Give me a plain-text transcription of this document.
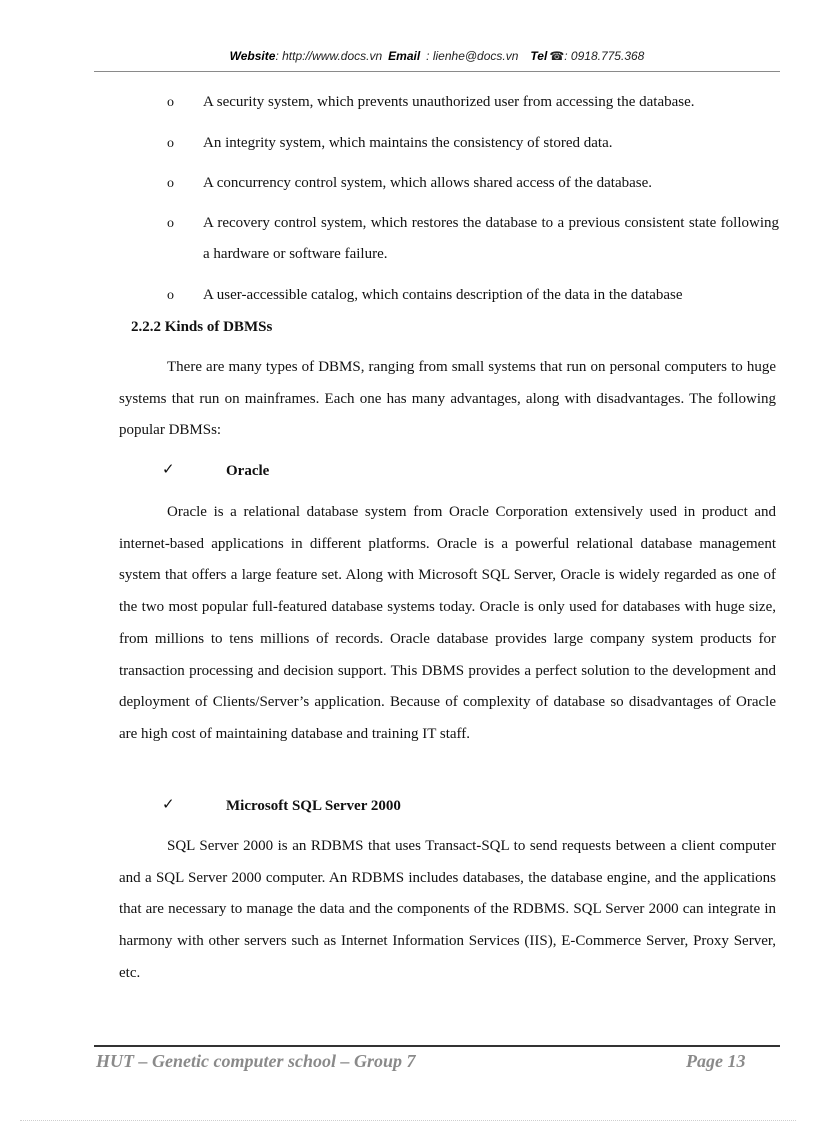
Website: http://www.docs.vn Email : lienhe@docs.vn Tel ☎: 0918.775.368
o A security system, which prevents unauthorized user from accessing the database.
o An integrity system, which maintains the consistency of stored data.
o A concurrency control system, which allows shared access of the database.
o A recovery control system, which restores the database to a previous consistent state following a hardware or software failure.
o A user-accessible catalog, which contains description of the data in the database
2.2.2 Kinds of DBMSs
There are many types of DBMS, ranging from small systems that run on personal computers to huge systems that run on mainframes. Each one has many advantages, along with disadvantages. The following popular DBMSs:
✓	Oracle
Oracle is a relational database system from Oracle Corporation extensively used in product and internet-based applications in different platforms. Oracle is a powerful relational database management system that offers a large feature set. Along with Microsoft SQL Server, Oracle is widely regarded as one of the two most popular full-featured database systems today. Oracle is only used for databases with huge size, from millions to tens millions of records. Oracle database provides large company system products for transaction processing and decision support. This DBMS provides a perfect solution to the development and deployment of Clients/Server’s application. Because of complexity of database so disadvantages of Oracle are high cost of maintaining database and training IT staff.
✓	Microsoft SQL Server 2000
SQL Server 2000 is an RDBMS that uses Transact-SQL to send requests between a client computer and a SQL Server 2000 computer. An RDBMS includes databases, the database engine, and the applications that are necessary to manage the data and the components of the RDBMS. SQL Server 2000 can integrate in harmony with other servers such as Internet Information Services (IIS), E-Commerce Server, Proxy Server, etc.
HUT – Genetic computer school – Group 7	Page 13
